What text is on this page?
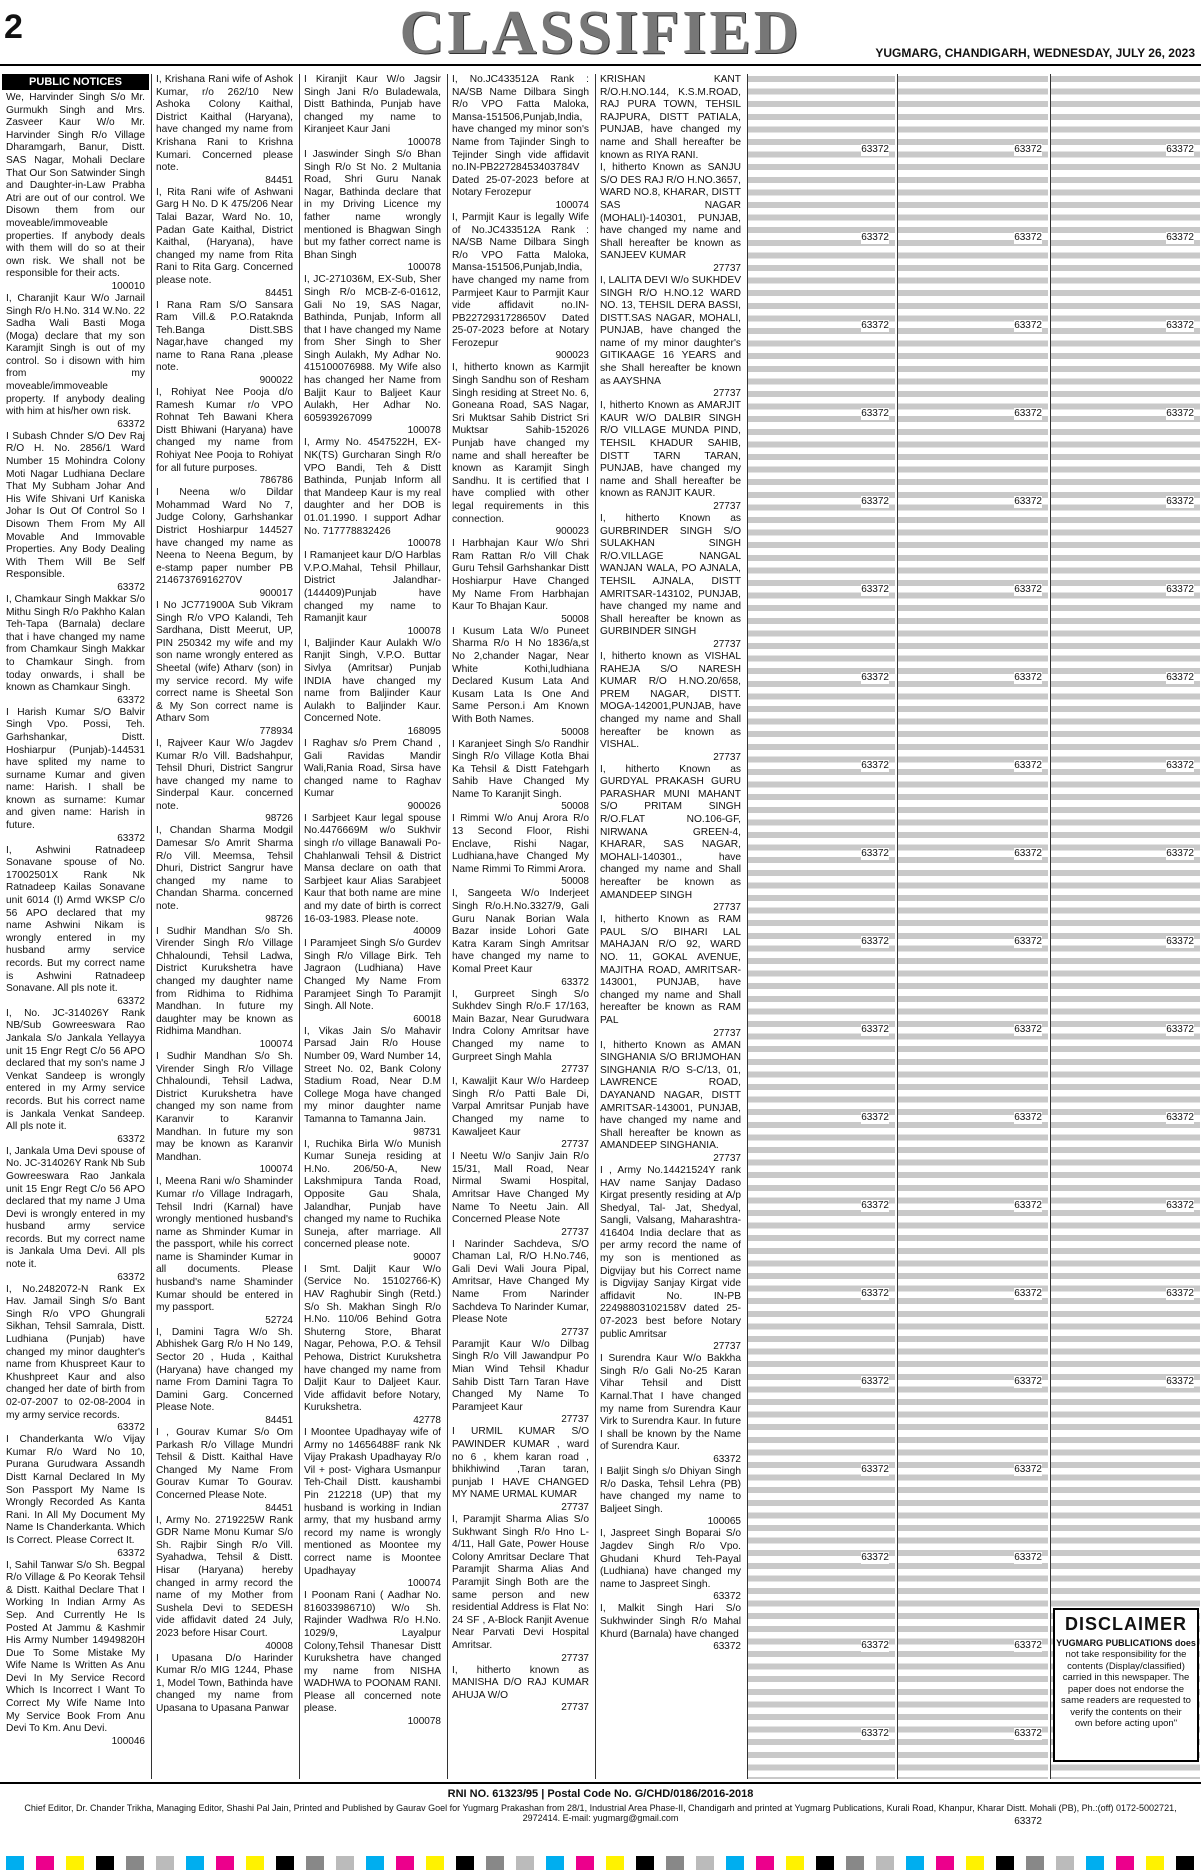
2	CLASSIFIED	YUGMARG, CHANDIGARH, WEDNESDAY, JULY 26, 2023
PUBLIC NOTICES
We, Harvinder Singh S/o Mr. Gurmukh Singh and Mrs. Zasveer Kaur W/o Mr. Harvinder Singh R/o Village Dharamgarh, Banur, Distt. SAS Nagar, Mohali Declare That Our Son Satwinder Singh and Daughter-in-Law Prabha Atri are out of our control. We Disown them from our moveable/immoveable properties. If anybody deals with them will do so at their own risk. We shall not be responsible for their acts.
100010
I, Charanjit Kaur W/o Jarnail Singh R/o H.No. 314 W.No. 22 Sadha Wali Basti Moga (Moga) declare that my son Karamjit Singh is out of my control. So i disown with him from my moveable/immoveable property. If anybody dealing with him at his/her own risk.
63372
I Subash Chnder S/O Dev Raj R/O H. No. 2856/1 Ward Number 15 Mohindra Colony Moti Nagar Ludhiana Declare That My Subham Johar And His Wife Shivani Urf Kaniska Johar Is Out Of Control So I Disown Them From My All Movable And Immovable Properties. Any Body Dealing With Them Will Be Self Responsible.
63372
I, Chamkaur Singh Makkar S/o Mithu Singh R/o Pakhho Kalan Teh-Tapa (Barnala) declare that i have changed my name from Chamkaur Singh Makkar to Chamkaur Singh. from today onwards, i shall be known as Chamkaur Singh.
63372
I Harish Kumar S/O Balvir Singh Vpo. Possi, Teh. Garhshankar, Distt. Hoshiarpur (Punjab)-144531 have splited my name to surname Kumar and given name: Harish. I shall be known as surname: Kumar and given name: Harish in future.
63372
I, Ashwini Ratnadeep Sonavane spouse of No. 17002501X Rank Nk Ratnadeep Kailas Sonavane unit 6014 (I) Armd WKSP C/o 56 APO declared that my name Ashwini Nikam is wrongly entered in my husband army service records. But my correct name is Ashwini Ratnadeep Sonavane. All pls note it.
63372
I, No. JC-314026Y Rank NB/Sub Gowreeswara Rao Jankala S/o Jankala Yellayya unit 15 Engr Regt C/o 56 APO declared that my son's name J Venkat Sandeep is wrongly entered in my Army service records. But his correct name is Jankala Venkat Sandeep. All pls note it.
63372
I, Jankala Uma Devi spouse of No. JC-314026Y Rank Nb Sub Gowreeswara Rao Jankala unit 15 Engr Regt C/o 56 APO declared that my name J Uma Devi is wrongly entered in my husband army service records. But my correct name is Jankala Uma Devi. All pls note it.
63372
I, No.2482072-N Rank Ex Hav. Jamail Singh S/o Bant Singh R/o VPO Ghungrali Sikhan, Tehsil Samrala, Distt. Ludhiana (Punjab) have changed my minor daughter's name from Khuspreet Kaur to Khushpreet Kaur and also changed her date of birth from 02-07-2007 to 02-08-2004 in my army service records.
63372
I Chanderkanta W/o Vijay Kumar R/o Ward No 10, Purana Gurudwara Assandh Distt Karnal Declared In My Son Passport My Name Is Wrongly Recorded As Kanta Rani. In All My Document My Name Is Chanderkanta. Which Is Correct. Please Correct It.
63372
I, Sahil Tanwar S/o Sh. Begpal R/o Village & Po Keorak Tehsil & Distt. Kaithal Declare That I Working In Indian Army As Sep. And Currently He Is Posted At Jammu & Kashmir His Army Number 14949820H Due To Some Mistake My Wife Name Is Written As Anu Devi In My Service Record Which Is Incorrect I Want To Correct My Wife Name Into My Service Book From Anu Devi To Km. Anu Devi.
100046
I, Krishana Rani wife of Ashok Kumar, r/o 262/10 New Ashoka Colony Kaithal, District Kaithal (Haryana), have changed my name from Krishana Rani to Krishna Kumari. Concerned please note.
84451
I, Rita Rani wife of Ashwani Garg H No. D K 475/206 Near Talai Bazar, Ward No. 10, Padan Gate Kaithal, District Kaithal, (Haryana), have changed my name from Rita Rani to Rita Garg. Concerned please note.
84451
I Rana Ram S/O Sansara Ram Vill.& P.O.Rataknda Teh.Banga Distt.SBS Nagar,have changed my name to Rana Rana ,please note.
900022
I, Rohiyat Nee Pooja d/o Ramesh Kumar r/o VPO Rohnat Teh Bawani Khera Distt Bhiwani (Haryana) have changed my name from Rohiyat Nee Pooja to Rohiyat for all future purposes.
786786
I Neena w/o Dildar Mohammad Ward No 7, Judge Colony, Garhshankar District Hoshiarpur 144527 have changed my name as Neena to Neena Begum, by e-stamp paper number PB 21467376916270V
900017
I No JC771900A Sub Vikram Singh R/o VPO Kalandi, Teh Sardhana, Distt Meerut, UP, PIN 250342 my wife and my son name wrongly entered as Sheetal (wife) Atharv (son) in my service record. My wife correct name is Sheetal Son & My Son correct name is Atharv Som
778934
I, Rajveer Kaur W/o Jagdev Kumar R/o Vill. Badshahpur, Tehsil Dhuri, District Sangrur have changed my name to Sinderpal Kaur. concerned note.
98726
I, Chandan Sharma Modgil Damesar S/o Amrit Sharma R/o Vill. Meemsa, Tehsil Dhuri, District Sangrur have changed my name to Chandan Sharma. concerned note.
98726
I Sudhir Mandhan S/o Sh. Virender Singh R/o Village Chhaloundi, Tehsil Ladwa, District Kurukshetra have changed my daughter name from Ridhima to Ridhima Mandhan. In future my daughter may be known as Ridhima Mandhan.
100074
I Sudhir Mandhan S/o Sh. Virender Singh R/o Village Chhaloundi, Tehsil Ladwa, District Kurukshetra have changed my son name from Karanvir to Karanvir Mandhan. In future my son may be known as Karanvir Mandhan.
100074
I, Meena Rani w/o Shaminder Kumar r/o Village Indragarh, Tehsil Indri (Karnal) have wrongly mentioned husband's name as Shminder Kumar in the passport, while his correct name is Shaminder Kumar in all documents. Please husband's name Shaminder Kumar should be entered in my passport.
52724
I, Damini Tagra W/o Sh. Abhishek Garg R/o H No 149, Sector 20 , Huda , Kaithal (Haryana) have changed my name From Damini Tagra To Damini Garg. Concerned Please Note.
84451
I , Gourav Kumar S/o Om Parkash R/o Village Mundri Tehsil & Distt. Kaithal Have Changed My Name From Gourav Kumar To Gourav. Concerned Please Note.
84451
I, Army No. 2719225W Rank GDR Name Monu Kumar S/o Sh. Rajbir Singh R/o Vill. Syahadwa, Tehsil & Distt. Hisar (Haryana) hereby changed in army record the name of my Mother from Sushela Devi to SEDESH vide affidavit dated 24 July, 2023 before Hisar Court.
40008
I Upasana D/o Harinder Kumar R/o MIG 1244, Phase 1, Model Town, Bathinda have changed my name from Upasana to Upasana Panwar
I Kiranjit Kaur W/o Jagsir Singh Jani R/o Buladewala, Distt Bathinda, Punjab have changed my name to Kiranjeet Kaur Jani
100078
I Jaswinder Singh S/o Bhan Singh R/o St No. 2 Multania Road, Shri Guru Nanak Nagar, Bathinda declare that in my Driving Licence my father name wrongly mentioned is Bhagwan Singh but my father correct name is Bhan Singh
100078
I, JC-271036M, EX-Sub, Sher Singh R/o MCB-Z-6-01612, Gali No 19, SAS Nagar, Bathinda, Punjab, Inform all that I have changed my Name from Sher Singh to Sher Singh Aulakh, My Adhar No. 415100076988. My Wife also has changed her Name from Baljit Kaur to Baljeet Kaur Aulakh, Her Adhar No. 605939267099
100078
I, Army No. 4547522H, EX-NK(TS) Gurcharan Singh R/o VPO Bandi, Teh & Distt Bathinda, Punjab Inform all that Mandeep Kaur is my real daughter and her DOB is 01.01.1990. I support Adhar No. 717778832426
100078
I Ramanjeet kaur D/O Harblas V.P.O.Mahal, Tehsil Phillaur, District Jalandhar-(144409)Punjab have changed my name to Ramanjit kaur
100078
I, Baljinder Kaur Aulakh W/o Ranjit Singh, V.P.O. Buttar Sivlya (Amritsar) Punjab INDIA have changed my name from Baljinder Kaur Aulakh to Baljinder Kaur. Concerned Note.
168095
I Raghav s/o Prem Chand , Gali Ravidas Mandir Wali,Rania Road, Sirsa have changed name to Raghav Kumar
900026
I Sarbjeet Kaur legal spouse No.4476669M w/o Sukhvir singh r/o village Banawali Po-Chahlanwali Tehsil & District Mansa declare on oath that Sarbjeet kaur Alias Sarabjeet Kaur that both name are mine and my date of birth is correct 16-03-1983. Please note.
40009
I Paramjeet Singh S/o Gurdev Singh R/o Village Birk. Teh Jagraon (Ludhiana) Have Changed My Name From Paramjeet Singh To Paramjit Singh. All Note.
60018
I, Vikas Jain S/o Mahavir Parsad Jain R/o House Number 09, Ward Number 14, Street No. 02, Bank Colony Stadium Road, Near D.M College Moga have changed my minor daughter name Tamanna to Tamanna Jain.
98731
I, Ruchika Birla W/o Munish Kumar Suneja residing at H.No. 206/50-A, New Lakshmipura Tanda Road, Opposite Gau Shala, Jalandhar, Punjab have changed my name to Ruchika Suneja, after marriage. All concerned please note.
90007
I Smt. Daljit Kaur W/o (Service No. 15102766-K) HAV Raghubir Singh (Retd.) S/o Sh. Makhan Singh R/o H.No. 110/06 Behind Gotra Shuterng Store, Bharat Nagar, Pehowa, P.O. & Tehsil Pehowa, District Kurukshetra have changed my name from Daljit Kaur to Daljeet Kaur. Vide affidavit before Notary, Kurukshetra.
42778
I Moontee Upadhayay wife of Army no 14656488F rank Nk Vijay Prakash Upadhayay R/o Vil + post- Vighara Usmanpur Teh-Chail Distt. kaushambi Pin 212218 (UP) that my husband is working in Indian army, that my husband army record my name is wrongly mentioned as Moontee my correct name is Moontee Upadhayay
100074
I Poonam Rani ( Aadhar No. 816033986710) W/o Sh. Rajinder Wadhwa R/o H.No. 1029/9, Layalpur Colony,Tehsil Thanesar Distt Kurukshetra have changed my name from NISHA WADHWA to POONAM RANI. Please all concerned note please.
100078
I, No.JC433512A Rank : NA/SB Name Dilbara Singh R/o VPO Fatta Maloka, Mansa-151506,Punjab,India, have changed my minor son's Name from Tajinder Singh to Tejinder Singh vide affidavit no.IN-PB22728453403784V Dated 25-07-2023 before at Notary Ferozepur
100074
I, Parmjit Kaur is legally Wife of No.JC433512A Rank : NA/SB Name Dilbara Singh R/o VPO Fatta Maloka, Mansa-151506,Punjab,India, have changed my name from Parmjeet Kaur to Parmjit Kaur vide affidavit no.IN-PB2272931728650V Dated 25-07-2023 before at Notary Ferozepur
900023
I, hitherto known as Karmjit Singh Sandhu son of Resham Singh residing at Street No. 6, Goneana Road, SAS Nagar, Sri Muktsar Sahib District Sri Muktsar Sahib-152026 Punjab have changed my name and shall hereafter be known as Karamjit Singh Sandhu. It is certified that I have complied with other legal requirements in this connection.
900023
I Harbhajan Kaur W/o Shri Ram Rattan R/o Vill Chak Guru Tehsil Garhshankar Distt Hoshiarpur Have Changed My Name From Harbhajan Kaur To Bhajan Kaur.
50008
I Kusum Lata W/o Puneet Sharma R/o H No 1836/a,st No 2,chander Nagar, Near White Kothi,ludhiana Declared Kusum Lata And Kusam Lata Is One And Same Person.i Am Known With Both Names.
50008
I Karanjeet Singh S/o Randhir Singh R/o Village Kotla Bhai Ka Tehsil & Distt Fatehgarh Sahib Have Changed My Name To Karanjit Singh.
50008
I Rimmi W/o Anuj Arora R/o 13 Second Floor, Rishi Enclave, Rishi Nagar, Ludhiana,have Changed My Name Rimmi To Rimmi Arora.
50008
I, Sangeeta W/o Inderjeet Singh R/o.H.No.3327/9, Gali Guru Nanak Borian Wala Bazar inside Lohori Gate Katra Karam Singh Amritsar have changed my name to Komal Preet Kaur
63372
I, Gurpreet Singh S/o Sukhdev Singh R/o.F 17/163, Main Bazar, Near Gurudwara Indra Colony Amritsar have Changed my name to Gurpreet Singh Mahla
27737
I, Kawaljit Kaur W/o Hardeep Singh R/o Patti Bale Di, Varpal Amritsar Punjab have Changed my name to Kawaljeet Kaur
27737
I Neetu W/o Sanjiv Jain R/o 15/31, Mall Road, Near Nirmal Swami Hospital, Amritsar Have Changed My Name To Neetu Jain. All Concerned Please Note
27737
I Narinder Sachdeva, S/O Chaman Lal, R/O H.No.746, Gali Devi Wali Joura Pipal, Amritsar, Have Changed My Name From Narinder Sachdeva To Narinder Kumar, Please Note
27737
Paramjit Kaur W/o Dilbag Singh R/o Vill Jawandpur Po Mian Wind Tehsil Khadur Sahib Distt Tarn Taran Have Changed My Name To Paramjeet Kaur
27737
I URMIL KUMAR S/O PAWINDER KUMAR , ward no 6 , khem karan road , bhikhiwind ,Taran taran, punjab I HAVE CHANGED MY NAME URMAL KUMAR
27737
I, Paramjit Sharma Alias S/o Sukhwant Singh R/o Hno L-4/11, Hall Gate, Power House Colony Amritsar Declare That Paramjit Sharma Alias And Paramjit Singh Both are the same person and new residential Address is Flat No: 24 SF , A-Block Ranjit Avenue Near Parvati Devi Hospital Amritsar.
27737
I, hitherto known as MANISHA D/O RAJ KUMAR AHUJA W/O
27737
KRISHAN KANT R/O.H.NO.144, K.S.M.ROAD, RAJ PURA TOWN, TEHSIL RAJPURA, DISTT PATIALA, PUNJAB, have changed my name and Shall hereafter be known as RIYA RANI.
I, hitherto Known as SANJU S/O DES RAJ R/O H.NO.3657, WARD NO.8, KHARAR, DISTT SAS NAGAR (MOHALI)-140301, PUNJAB, have changed my name and Shall hereafter be known as SANJEEV KUMAR
27737
I, LALITA DEVI W/o SUKHDEV SINGH R/O H.NO.12 WARD NO. 13, TEHSIL DERA BASSI, DISTT.SAS NAGAR, MOHALI, PUNJAB, have changed the name of my minor daughter's GITIKAAGE 16 YEARS and she Shall hereafter be known as AAYSHNA
27737
I, hitherto Known as AMARJIT KAUR W/O DALBIR SINGH R/O VILLAGE MUNDA PIND, TEHSIL KHADUR SAHIB, DISTT TARN TARAN, PUNJAB, have changed my name and Shall hereafter be known as RANJIT KAUR.
27737
I, hitherto Known as GURBRINDER SINGH S/O SULAKHAN SINGH R/O.VILLAGE NANGAL WANJAN WALA, PO AJNALA, TEHSIL AJNALA, DISTT AMRITSAR-143102, PUNJAB, have changed my name and Shall hereafter be known as GURBINDER SINGH
27737
I, hitherto known as VISHAL RAHEJA S/O NARESH KUMAR R/O H.NO.20/658, PREM NAGAR, DISTT. MOGA-142001,PUNJAB, have changed my name and Shall hereafter be known as VISHAL.
27737
I, hitherto Known as GURDYAL PRAKASH GURU PARASHAR MUNI MAHANT S/O PRITAM SINGH R/O.FLAT NO.106-GF, NIRWANA GREEN-4, KHARAR, SAS NAGAR, MOHALI-140301., have changed my name and Shall hereafter be known as AMANDEEP SINGH
27737
I, hitherto Known as RAM PAUL S/O BIHARI LAL MAHAJAN R/O 92, WARD NO. 11, GOKAL AVENUE, MAJITHA ROAD, AMRITSAR-143001, PUNJAB, have changed my name and Shall hereafter be known as RAM PAL
27737
I, hitherto Known as AMAN SINGHANIA S/O BRIJMOHAN SINGHANIA R/O S-C/13, 01, LAWRENCE ROAD, DAYANAND NAGAR, DISTT AMRITSAR-143001, PUNJAB, have changed my name and Shall hereafter be known as AMANDEEP SINGHANIA.
27737
I , Army No.14421524Y rank HAV name Sanjay Dadaso Kirgat presently residing at A/p Shedyal, Tal- Jat, Shedyal, Sangli, Valsang, Maharashtra-416404 India declare that as per army record the name of my son is mentioned as Digvijay but his Correct name is Digvijay Sanjay Kirgat vide affidavit No. IN-PB 22498803102158V dated 25-07-2023 best before Notary public Amritsar
27737
I Surendra Kaur W/o Bakkha Singh R/o Gali No-25 Karan Vihar Tehsil and Distt Karnal.That I have changed my name from Surendra Kaur Virk to Surendra Kaur. In future I shall be known by the Name of Surendra Kaur.
63372
I Baljit Singh s/o Dhiyan Singh R/o Daska, Tehsil Lehra (PB) have changed my name to Baljeet Singh.
100065
I, Jaspreet Singh Boparai S/o Jagdev Singh R/o Vpo. Ghudani Khurd Teh-Payal (Ludhiana) have changed my name to Jaspreet Singh.
63372
I, Malkit Singh Hari S/o Sukhwinder Singh R/o Mahal Khurd (Barnala) have changed
63372
63372
63372
63372
63372
63372
63372
63372
63372
63372
63372
63372
63372
63372
63372
63372
63372
63372
63372
63372
63372
63372
63372
63372
63372
63372
63372
63372
63372
63372
63372
63372
63372
63372
63372
63372
63372
63372
63372
63372
63372
63372
63372
63372
63372
63372
63372
63372
63372
63372
63372
63372
63372
63372
63372
DISCLAIMER
YUGMARG PUBLICATIONS does

not take responsibility for the contents (Display/classified) carried in this newspaper. The paper does not endorse the same readers are requested to verify the contents on their own before acting upon"

RNI NO. 61323/95 | Postal Code No. G/CHD/0186/2016-2018
Chief Editor, Dr. Chander Trikha, Managing Editor, Shashi Pal Jain, Printed and Published by Gaurav Goel for Yugmarg Prakashan from 28/1, Industrial Area Phase-II, Chandigarh and printed at Yugmarg Publications, Kurali Road, Khanpur, Kharar Distt. Mohali (PB), Ph.:(off) 0172-5002721, 2972414. E-mail: yugmarg@gmail.com
